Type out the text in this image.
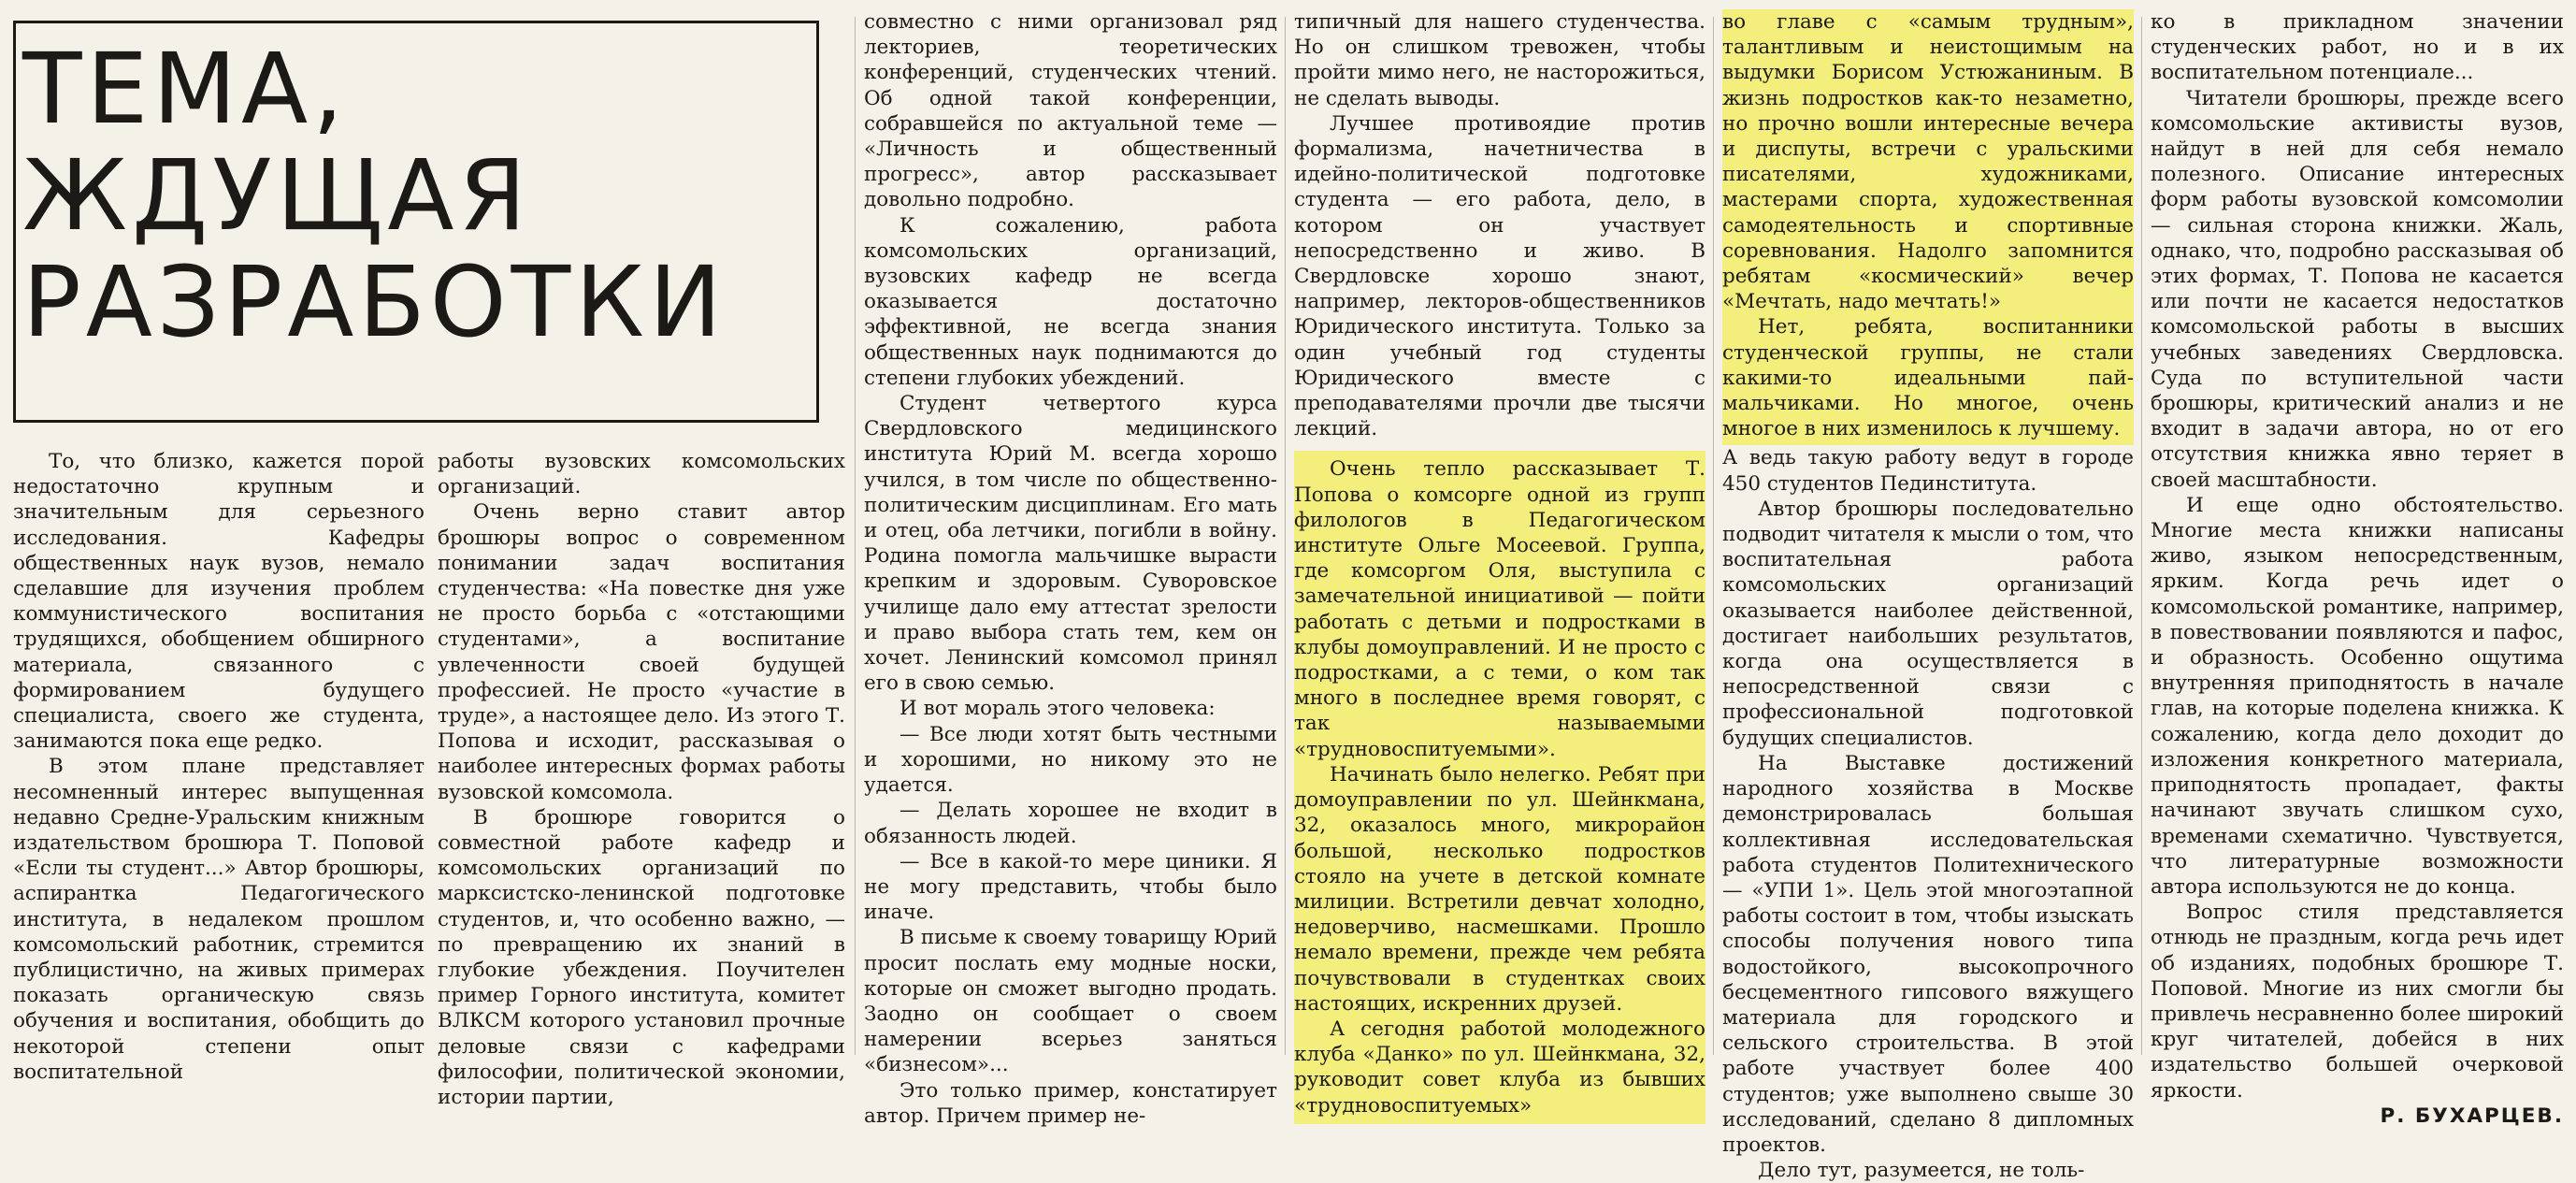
ТЕМА,
ЖДУЩАЯ
РАЗРАБОТКИ

То, что близко, кажется порой недостаточно крупным и значительным для серьезного исследования. Кафедры общественных наук вузов, немало сделавшие для изучения проблем коммунистического воспитания трудящихся, обобщением обширного материала, связанного с формированием будущего специалиста, своего же студента, занимаются пока еще редко.

В этом плане представляет несомненный интерес выпущенная недавно Средне-Уральским книжным издательством брошюра Т. Поповой «Если ты студент...» Автор брошюры, аспирантка Педагогического института, в недалеком прошлом комсомольский работник, стремится публицистично, на живых примерах показать органическую связь обучения и воспитания, обобщить до некоторой степени опыт воспитательной

работы вузовских комсомольских организаций.

Очень верно ставит автор брошюры вопрос о современном понимании задач воспитания студенчества: «На повестке дня уже не просто борьба с «отстающими студентами», а воспитание увлеченности своей будущей профессией. Не просто «участие в труде», а настоящее дело. Из этого Т. Попова и исходит, рассказывая о наиболее интересных формах работы вузовской комсомола.

В брошюре говорится о совместной работе кафедр и комсомольских организаций по марксистско-ленинской подготовке студентов, и, что особенно важно, — по превращению их знаний в глубокие убеждения. Поучителен пример Горного института, комитет ВЛКСМ которого установил прочные деловые связи с кафедрами философии, политической экономии, истории партии,

совместно с ними организовал ряд лекториев, теоретических конференций, студенческих чтений. Об одной такой конференции, собравшейся по актуальной теме — «Личность и общественный прогресс», автор рассказывает довольно подробно.

К сожалению, работа комсомольских организаций, вузовских кафедр не всегда оказывается достаточно эффективной, не всегда знания общественных наук поднимаются до степени глубоких убеждений.

Студент четвертого курса Свердловского медицинского института Юрий М. всегда хорошо учился, в том числе по общественно-политическим дисциплинам. Его мать и отец, оба летчики, погибли в войну. Родина помогла мальчишке вырасти крепким и здоровым. Суворовское училище дало ему аттестат зрелости и право выбора стать тем, кем он хочет. Ленинский комсомол принял его в свою семью.

И вот мораль этого человека:

— Все люди хотят быть честными и хорошими, но никому это не удается.

— Делать хорошее не входит в обязанность людей.

— Все в какой-то мере циники. Я не могу представить, чтобы было иначе.

В письме к своему товарищу Юрий просит послать ему модные носки, которые он сможет выгодно продать. Заодно он сообщает о своем намерении всерьез заняться «бизнесом»...

Это только пример, констатирует автор. Причем пример не-

типичный для нашего студенчества. Но он слишком тревожен, чтобы пройти мимо него, не насторожиться, не сделать выводы.

Лучшее противоядие против формализма, начетничества в идейно-политической подготовке студента — его работа, дело, в котором он участвует непосредственно и живо. В Свердловске хорошо знают, например, лекторов-общественников Юридического института. Только за один учебный год студенты Юридического вместе с преподавателями прочли две тысячи лекций.

Очень тепло рассказывает Т. Попова о комсорге одной из групп филологов в Педагогическом институте Ольге Мосеевой. Группа, где комсоргом Оля, выступила с замечательной инициативой — пойти работать с детьми и подростками в клубы домоуправлений. И не просто с подростками, а с теми, о ком так много в последнее время говорят, с так называемыми «трудновоспитуемыми».

Начинать было нелегко. Ребят при домоуправлении по ул. Шейнкмана, 32, оказалось много, микрорайон большой, несколько подростков стояло на учете в детской комнате милиции. Встретили девчат холодно, недоверчиво, насмешками. Прошло немало времени, прежде чем ребята почувствовали в студентках своих настоящих, искренних друзей.

А сегодня работой молодежного клуба «Данко» по ул. Шейнкмана, 32, руководит совет клуба из бывших «трудновоспитуемых»

во главе с «самым трудным», талантливым и неистощимым на выдумки Борисом Устюжаниным. В жизнь подростков как-то незаметно, но прочно вошли интересные вечера и диспуты, встречи с уральскими писателями, художниками, мастерами спорта, художественная самодеятельность и спортивные соревнования. Надолго запомнится ребятам «космический» вечер «Мечтать, надо мечтать!»

Нет, ребята, воспитанники студенческой группы, не стали какими-то идеальными пай-мальчиками. Но многое, очень многое в них изменилось к лучшему.

А ведь такую работу ведут в городе 450 студентов Пединститута.

Автор брошюры последовательно подводит читателя к мысли о том, что воспитательная работа комсомольских организаций оказывается наиболее действенной, достигает наибольших результатов, когда она осуществляется в непосредственной связи с профессиональной подготовкой будущих специалистов.

На Выставке достижений народного хозяйства в Москве демонстрировалась большая коллективная исследовательская работа студентов Политехнического — «УПИ 1». Цель этой многоэтапной работы состоит в том, чтобы изыскать способы получения нового типа водостойкого, высокопрочного бесцементного гипсового вяжущего материала для городского и сельского строительства. В этой работе участвует более 400 студентов; уже выполнено свыше 30 исследований, сделано 8 дипломных проектов.

Дело тут, разумеется, не толь-

ко в прикладном значении студенческих работ, но и в их воспитательном потенциале...

Читатели брошюры, прежде всего комсомольские активисты вузов, найдут в ней для себя немало полезного. Описание интересных форм работы вузовской комсомолии — сильная сторона книжки. Жаль, однако, что, подробно рассказывая об этих формах, Т. Попова не касается или почти не касается недостатков комсомольской работы в высших учебных заведениях Свердловска. Суда по вступительной части брошюры, критический анализ и не входит в задачи автора, но от его отсутствия книжка явно теряет в своей масштабности.

И еще одно обстоятельство. Многие места книжки написаны живо, языком непосредственным, ярким. Когда речь идет о комсомольской романтике, например, в повествовании появляются и пафос, и образность. Особенно ощутима внутренняя приподнятость в начале глав, на которые поделена книжка. К сожалению, когда дело доходит до изложения конкретного материала, приподнятость пропадает, факты начинают звучать слишком сухо, временами схематично. Чувствуется, что литературные возможности автора используются не до конца.

Вопрос стиля представляется отнюдь не праздным, когда речь идет об изданиях, подобных брошюре Т. Поповой. Многие из них смогли бы привлечь несравненно более широкий круг читателей, добейся в них издательство большей очерковой яркости.

Р. БУХАРЦЕВ.
